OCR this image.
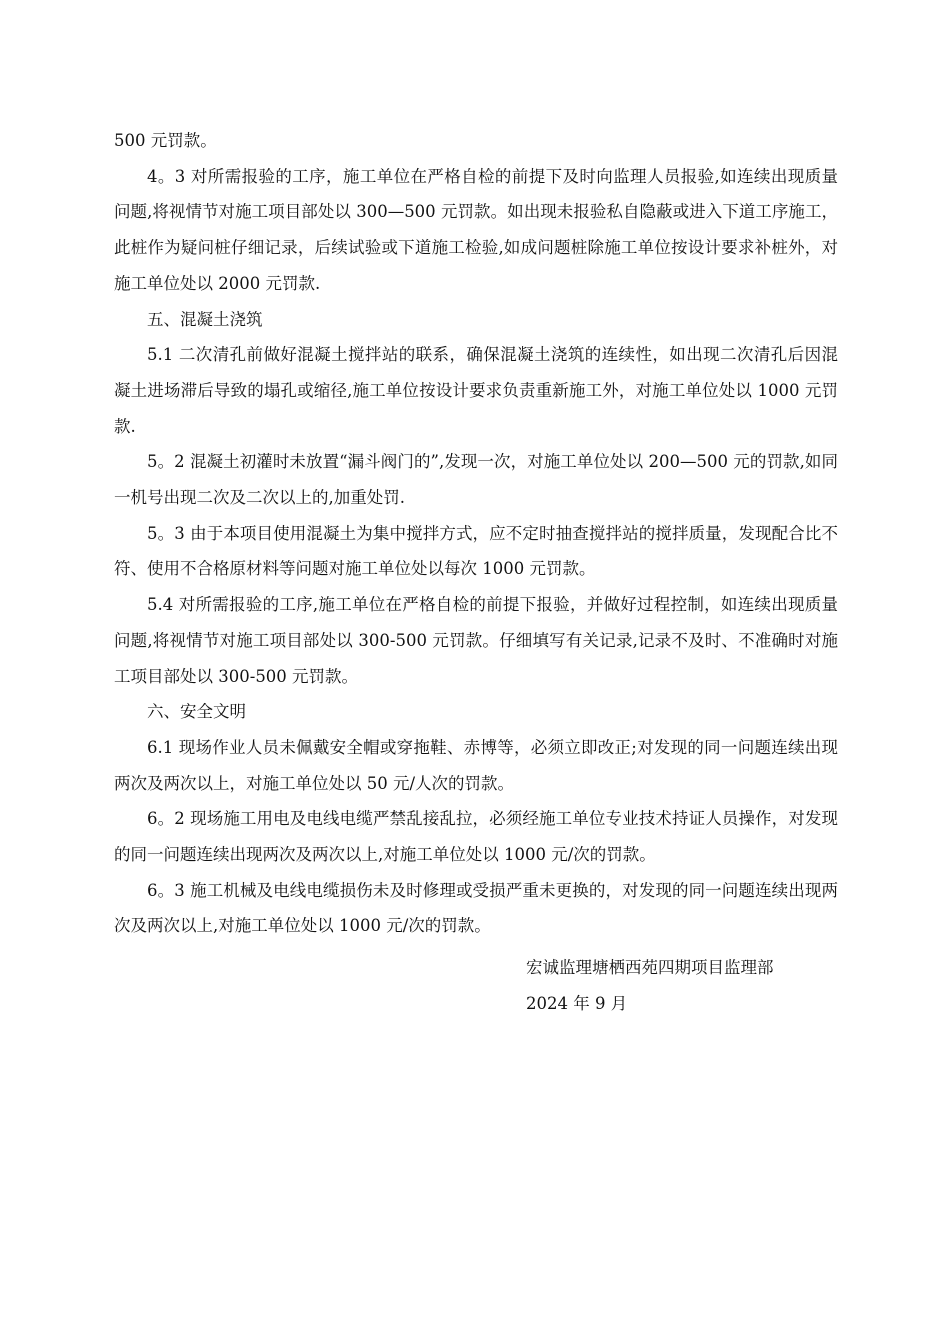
500 元罚款。

4。3 对所需报验的工序，施工单位在严格自检的前提下及时向监理人员报验,如连续出现质量问题,将视情节对施工项目部处以 300—500 元罚款。如出现未报验私自隐蔽或进入下道工序施工，此桩作为疑问桩仔细记录，后续试验或下道施工检验,如成问题桩除施工单位按设计要求补桩外，对施工单位处以 2000 元罚款.

五、混凝土浇筑

5.1 二次清孔前做好混凝土搅拌站的联系，确保混凝土浇筑的连续性，如出现二次清孔后因混凝土进场滞后导致的塌孔或缩径,施工单位按设计要求负责重新施工外，对施工单位处以 1000 元罚款.

5。2 混凝土初灌时未放置“漏斗阀门的”,发现一次，对施工单位处以 200—500 元的罚款,如同一机号出现二次及二次以上的,加重处罚.

5。3 由于本项目使用混凝土为集中搅拌方式，应不定时抽查搅拌站的搅拌质量，发现配合比不符、使用不合格原材料等问题对施工单位处以每次 1000 元罚款。

5.4 对所需报验的工序,施工单位在严格自检的前提下报验，并做好过程控制，如连续出现质量问题,将视情节对施工项目部处以 300-500 元罚款。仔细填写有关记录,记录不及时、不准确时对施工项目部处以 300-500 元罚款。

六、安全文明

6.1 现场作业人员未佩戴安全帽或穿拖鞋、赤博等，必须立即改正;对发现的同一问题连续出现两次及两次以上，对施工单位处以 50 元/人次的罚款。

6。2 现场施工用电及电线电缆严禁乱接乱拉，必须经施工单位专业技术持证人员操作，对发现的同一问题连续出现两次及两次以上,对施工单位处以 1000 元/次的罚款。

6。3 施工机械及电线电缆损伤未及时修理或受损严重未更换的，对发现的同一问题连续出现两次及两次以上,对施工单位处以 1000 元/次的罚款。

宏诚监理塘栖西苑四期项目监理部
2024 年 9 月
